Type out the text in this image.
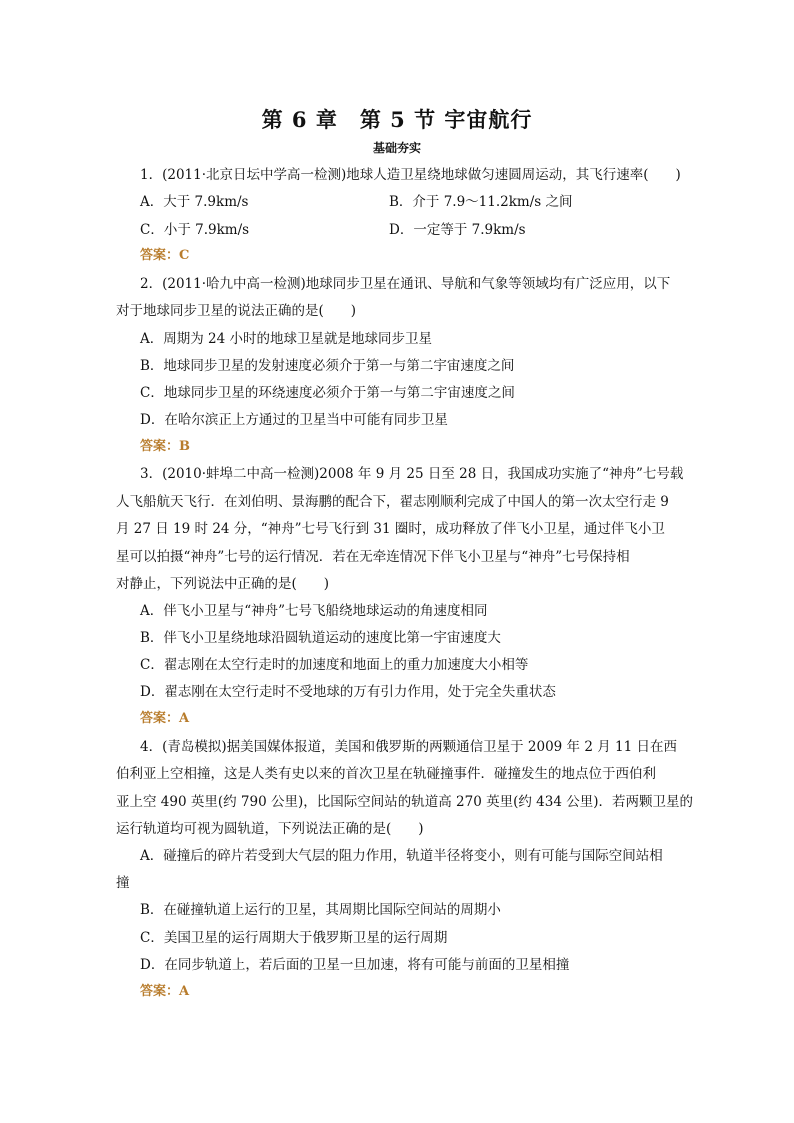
第 6 章　第 5 节 宇宙航行
基础夯实
1．(2011·北京日坛中学高一检测)地球人造卫星绕地球做匀速圆周运动，其飞行速率(　　)
A．大于 7.9km/s	B．介于 7.9～11.2km/s 之间
C．小于 7.9km/s	D．一定等于 7.9km/s
答案：C
2．(2011·哈九中高一检测)地球同步卫星在通讯、导航和气象等领域均有广泛应用，以下
对于地球同步卫星的说法正确的是(　　)
A．周期为 24 小时的地球卫星就是地球同步卫星
B．地球同步卫星的发射速度必须介于第一与第二宇宙速度之间
C．地球同步卫星的环绕速度必须介于第一与第二宇宙速度之间
D．在哈尔滨正上方通过的卫星当中可能有同步卫星
答案：B
3．(2010·蚌埠二中高一检测)2008 年 9 月 25 日至 28 日，我国成功实施了“神舟”七号载
人飞船航天飞行．在刘伯明、景海鹏的配合下，翟志刚顺利完成了中国人的第一次太空行走 9
月 27 日 19 时 24 分，“神舟”七号飞行到 31 圈时，成功释放了伴飞小卫星，通过伴飞小卫
星可以拍摄“神舟”七号的运行情况．若在无牵连情况下伴飞小卫星与“神舟”七号保持相
对静止，下列说法中正确的是(　　)
A．伴飞小卫星与“神舟”七号飞船绕地球运动的角速度相同
B．伴飞小卫星绕地球沿圆轨道运动的速度比第一宇宙速度大
C．翟志刚在太空行走时的加速度和地面上的重力加速度大小相等
D．翟志刚在太空行走时不受地球的万有引力作用，处于完全失重状态
答案：A
4．(青岛模拟)据美国媒体报道，美国和俄罗斯的两颗通信卫星于 2009 年 2 月 11 日在西
伯利亚上空相撞，这是人类有史以来的首次卫星在轨碰撞事件．碰撞发生的地点位于西伯利
亚上空 490 英里(约 790 公里)，比国际空间站的轨道高 270 英里(约 434 公里)．若两颗卫星的
运行轨道均可视为圆轨道，下列说法正确的是(　　)
A．碰撞后的碎片若受到大气层的阻力作用，轨道半径将变小，则有可能与国际空间站相
撞
B．在碰撞轨道上运行的卫星，其周期比国际空间站的周期小
C．美国卫星的运行周期大于俄罗斯卫星的运行周期
D．在同步轨道上，若后面的卫星一旦加速，将有可能与前面的卫星相撞
答案：A
